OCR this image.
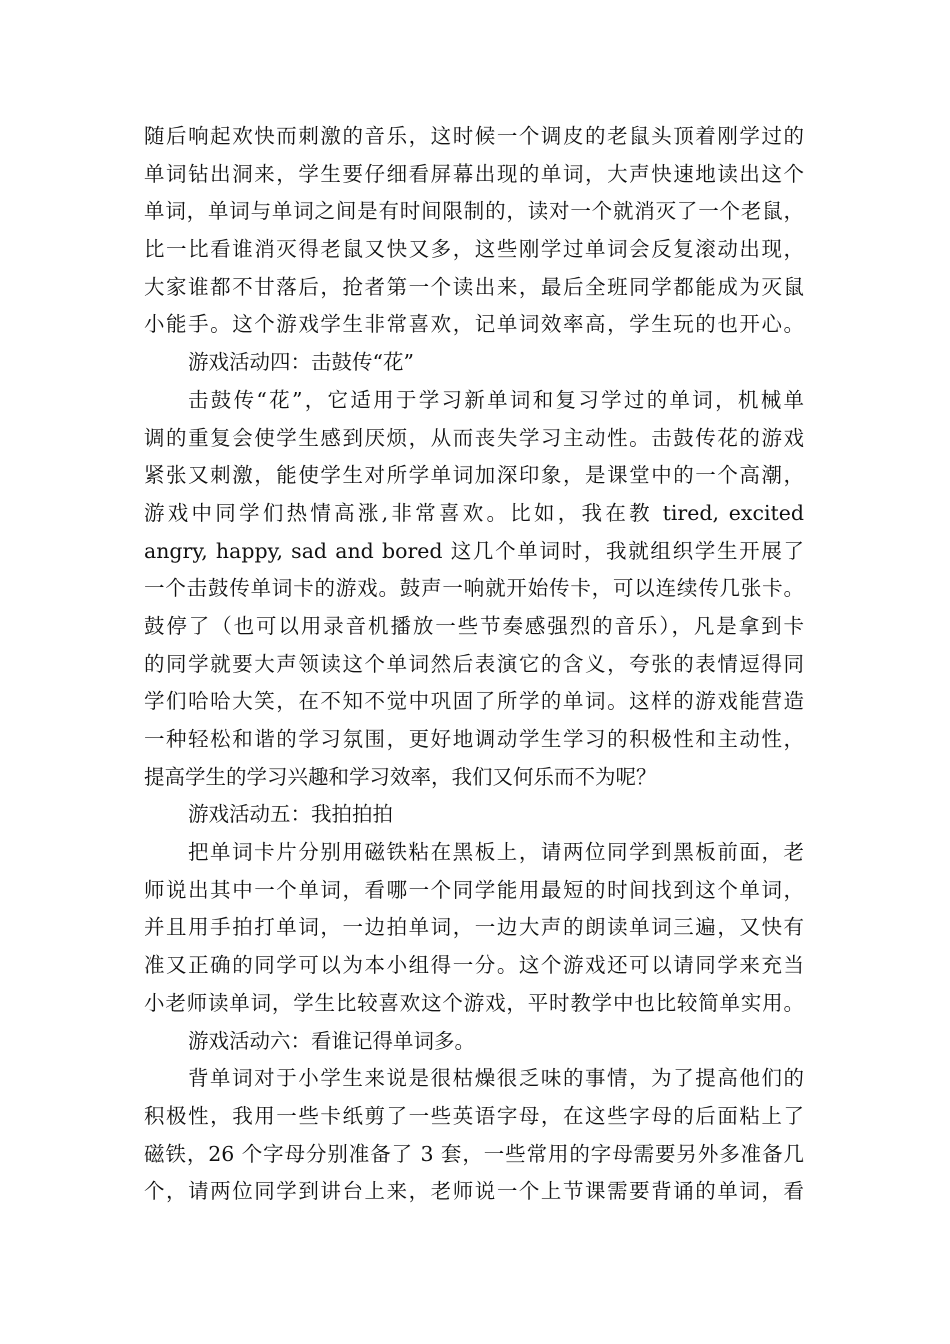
随后响起欢快而刺激的音乐，这时候一个调皮的老鼠头顶着刚学过的
单词钻出洞来，学生要仔细看屏幕出现的单词，大声快速地读出这个
单词，单词与单词之间是有时间限制的，读对一个就消灭了一个老鼠，
比一比看谁消灭得老鼠又快又多，这些刚学过单词会反复滚动出现，
大家谁都不甘落后，抢者第一个读出来，最后全班同学都能成为灭鼠
小能手。这个游戏学生非常喜欢，记单词效率高，学生玩的也开心。
游戏活动四：击鼓传“花”
击鼓传“花”，它适用于学习新单词和复习学过的单词，机械单
调的重复会使学生感到厌烦，从而丧失学习主动性。击鼓传花的游戏
紧张又刺激，能使学生对所学单词加深印象，是课堂中的一个高潮，
游戏中同学们热情高涨,非常喜欢。比如，我在教 tired, excited
angry, happy, sad and bored 这几个单词时，我就组织学生开展了
一个击鼓传单词卡的游戏。鼓声一响就开始传卡，可以连续传几张卡。
鼓停了（也可以用录音机播放一些节奏感强烈的音乐），凡是拿到卡
的同学就要大声领读这个单词然后表演它的含义，夸张的表情逗得同
学们哈哈大笑，在不知不觉中巩固了所学的单词。这样的游戏能营造
一种轻松和谐的学习氛围，更好地调动学生学习的积极性和主动性，
提高学生的学习兴趣和学习效率，我们又何乐而不为呢？
游戏活动五：我拍拍拍
把单词卡片分别用磁铁粘在黑板上，请两位同学到黑板前面，老
师说出其中一个单词，看哪一个同学能用最短的时间找到这个单词，
并且用手拍打单词，一边拍单词，一边大声的朗读单词三遍，又快有
准又正确的同学可以为本小组得一分。这个游戏还可以请同学来充当
小老师读单词，学生比较喜欢这个游戏，平时教学中也比较简单实用。
游戏活动六：看谁记得单词多。
背单词对于小学生来说是很枯燥很乏味的事情，为了提高他们的
积极性，我用一些卡纸剪了一些英语字母，在这些字母的后面粘上了
磁铁，26 个字母分别准备了 3 套，一些常用的字母需要另外多准备几
个，请两位同学到讲台上来，老师说一个上节课需要背诵的单词，看
